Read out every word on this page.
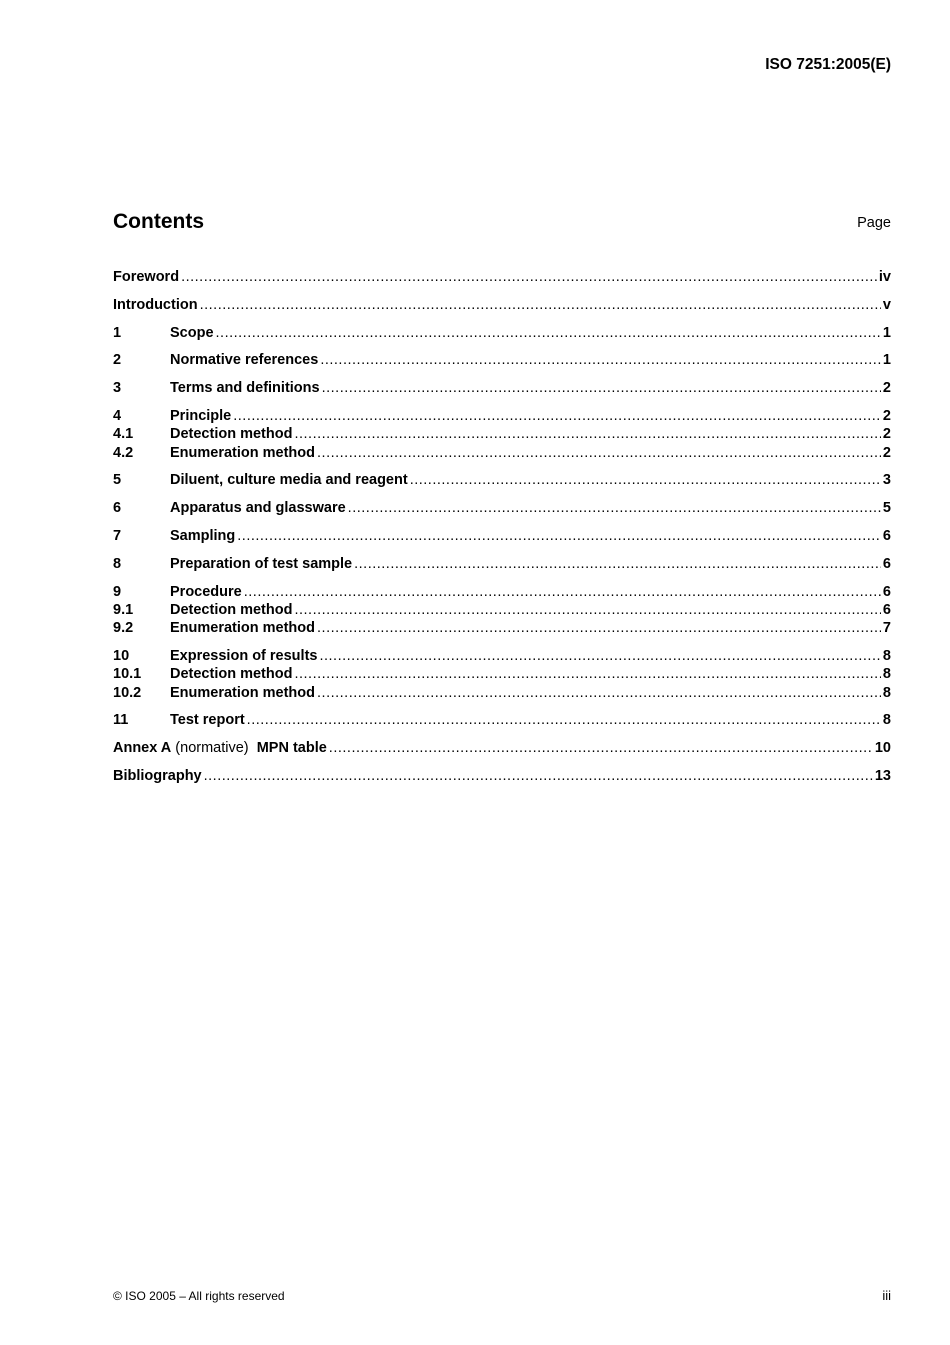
ISO 7251:2005(E)
Contents	Page
Foreword .....	iv
Introduction .....	v
1	Scope .....	1
2	Normative references .....	1
3	Terms and definitions .....	2
4	Principle .....	2
4.1	Detection method .....	2
4.2	Enumeration method .....	2
5	Diluent, culture media and reagent .....	3
6	Apparatus and glassware .....	5
7	Sampling .....	6
8	Preparation of test sample .....	6
9	Procedure .....	6
9.1	Detection method .....	6
9.2	Enumeration method .....	7
10	Expression of results .....	8
10.1	Detection method .....	8
10.2	Enumeration method .....	8
11	Test report .....	8
Annex A (normative)  MPN table .....	10
Bibliography .....	13
© ISO 2005 – All rights reserved	iii
